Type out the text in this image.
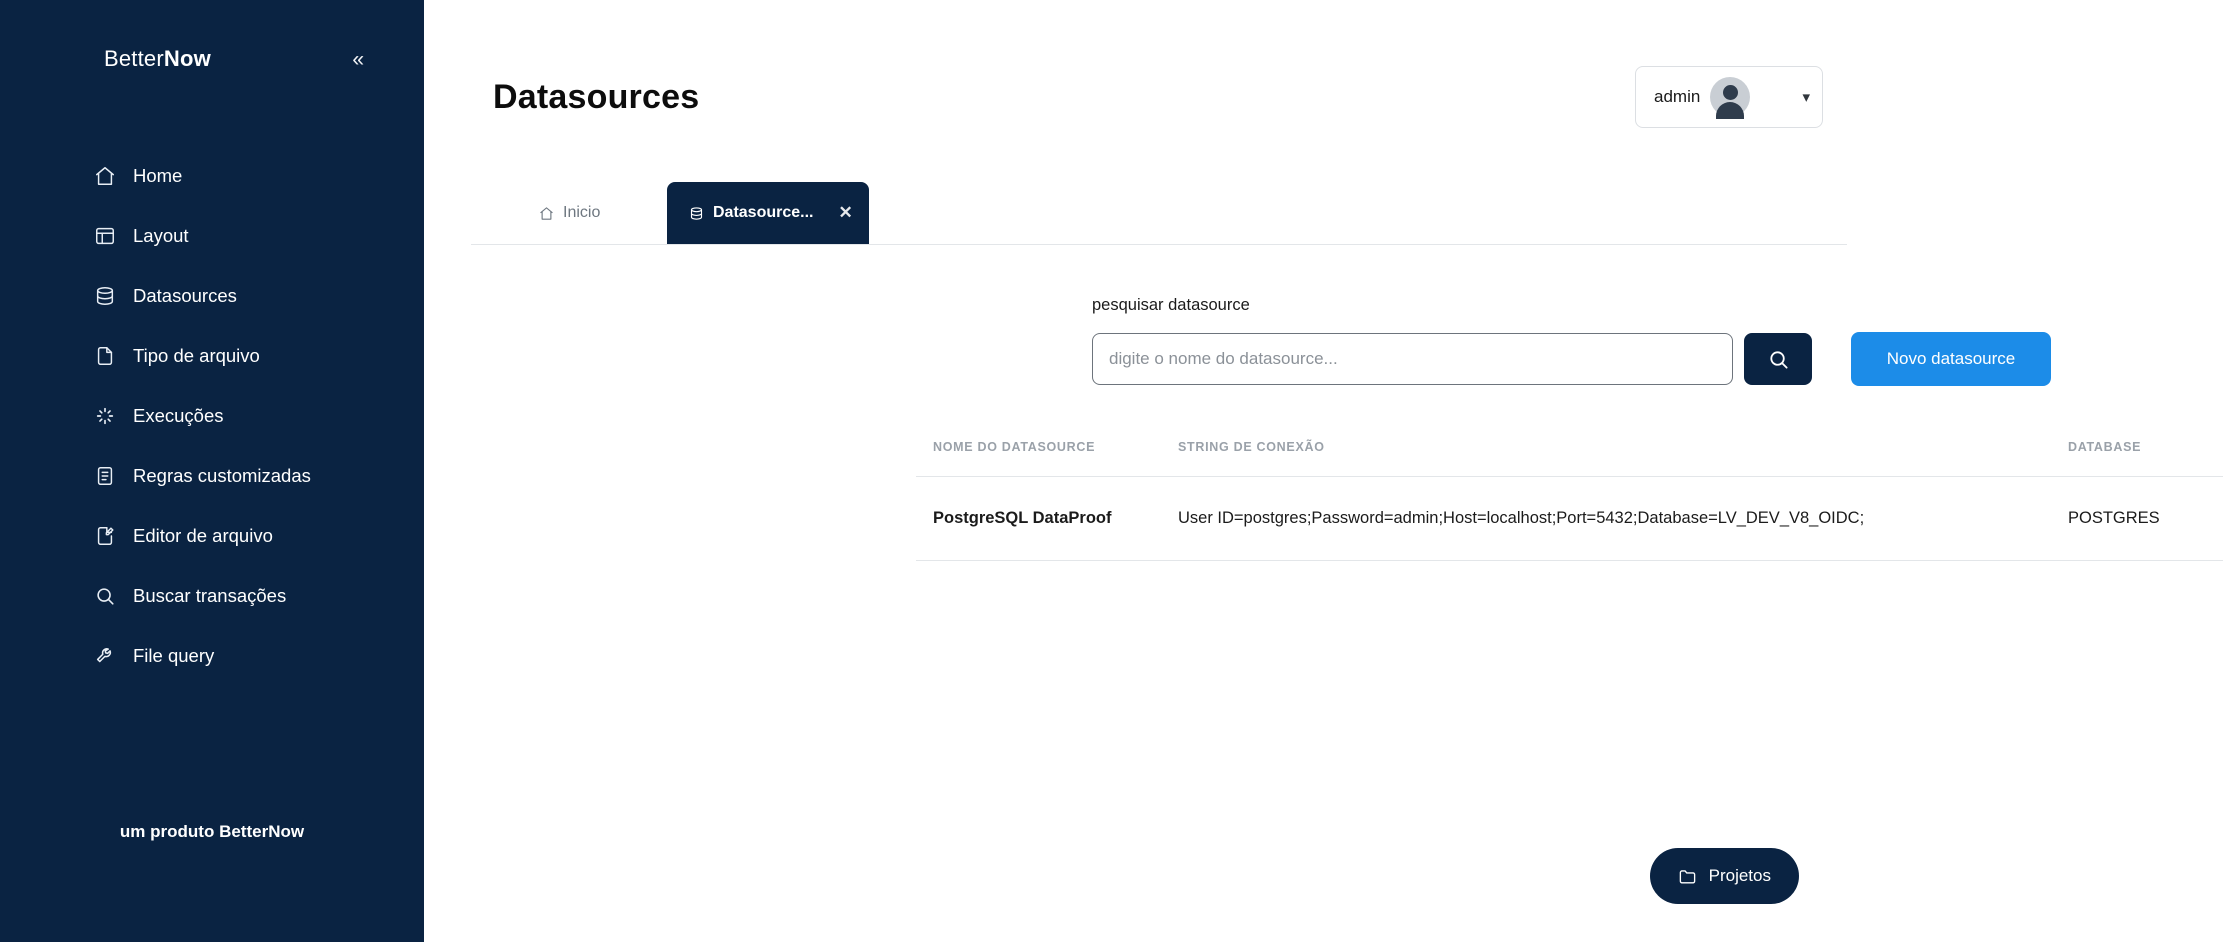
BetterNow	«
Home
Layout
Datasources
Tipo de arquivo
Execuções
Regras customizadas
Editor de arquivo
Buscar transações
File query
um produto BetterNow
Datasources	admin	▾
Inicio	Datasource... ✕
pesquisar datasource
digite o nome do datasource...
Novo datasource
NOME DO DATASOURCE	STRING DE CONEXÃO	DATABASE
PostgreSQL DataProof	User ID=postgres;Password=admin;Host=localhost;Port=5432;Database=LV_DEV_V8_OIDC;	POSTGRES
Projetos
